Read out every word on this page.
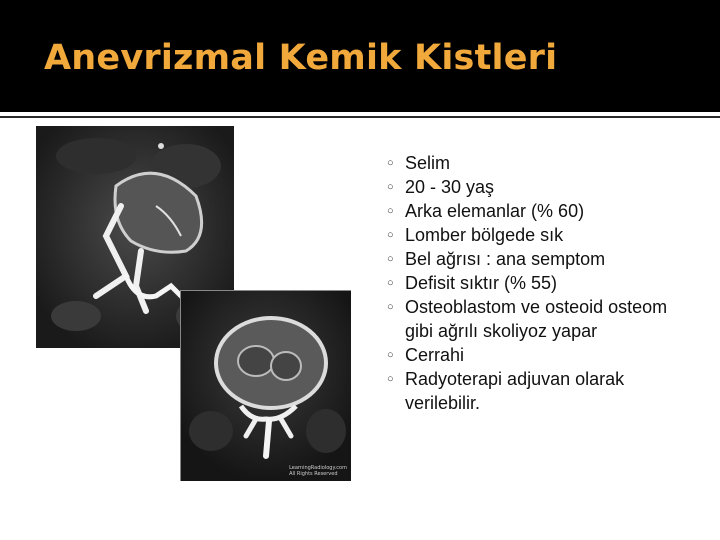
Anevrizmal Kemik Kistleri
LearningRadiology.com
All Rights Reserved
○ Selim
○ 20 - 30 yaş
○ Arka elemanlar (% 60)
○ Lomber bölgede sık
○ Bel ağrısı : ana semptom
○ Defisit sıktır (% 55)
○ Osteoblastom ve osteoid osteom gibi ağrılı skoliyoz yapar
○ Cerrahi
○ Radyoterapi adjuvan olarak verilebilir.
